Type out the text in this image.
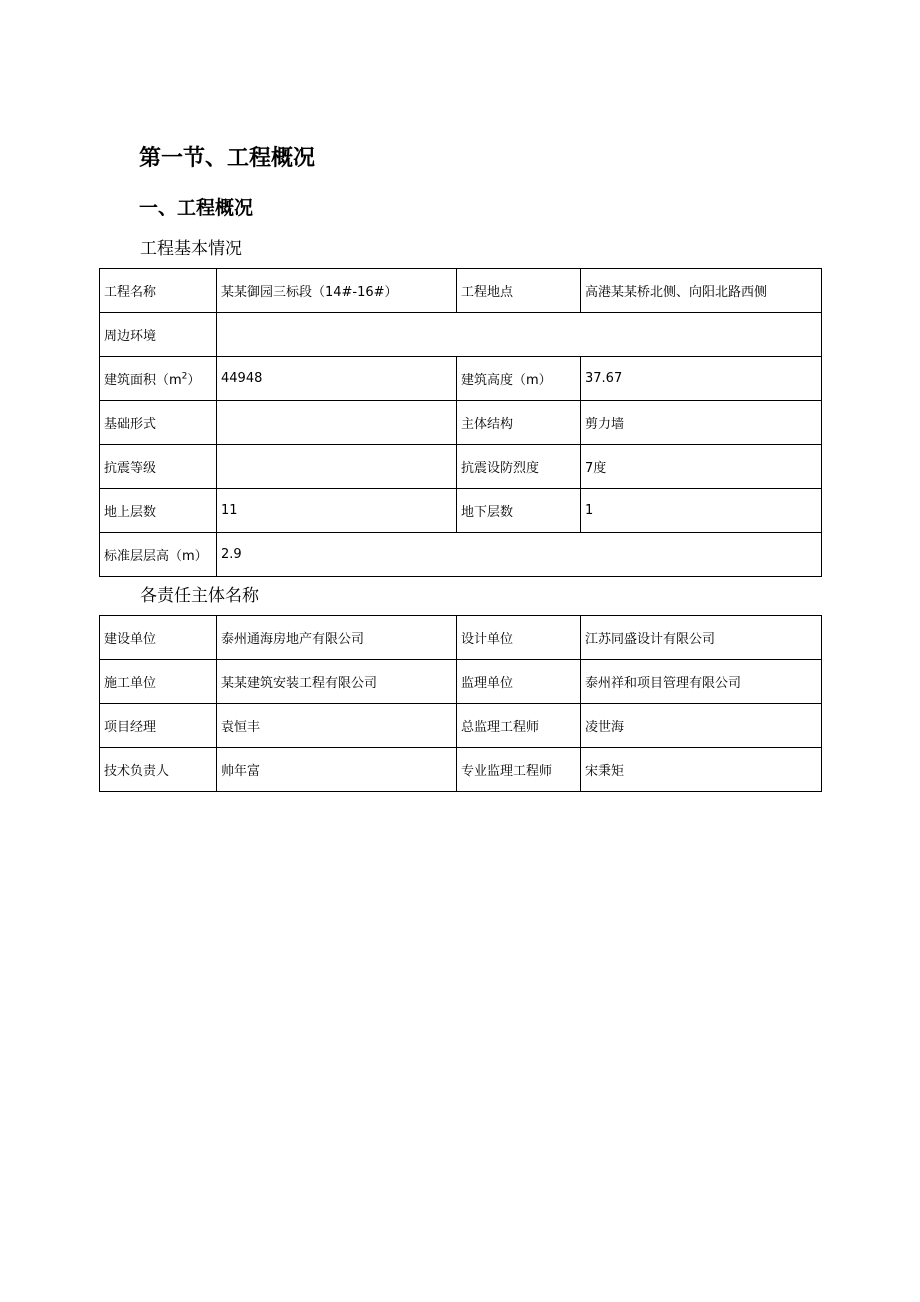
第一节、工程概况
一、工程概况
工程基本情况
工程名称	某某御园三标段（14#-16#）	工程地点	高港某某桥北侧、向阳北路西侧
周边环境			
建筑面积$(m^2)$	44948	建筑高度（m）	37.67
基础形式		主体结构	剪力墙
抗震等级		抗震设防烈度	7度
地上层数	11	地下层数	1
标准层层高（m）	2.9		
各责任主体名称
建设单位	泰州通海房地产有限公司	设计单位	江苏同盛设计有限公司
施工单位	某某建筑安装工程有限公司	监理单位	泰州祥和项目管理有限公司
项目经理	袁恒丰	总监理工程师	凌世海
技术负责人	帅年富	专业监理工程师	宋秉矩
